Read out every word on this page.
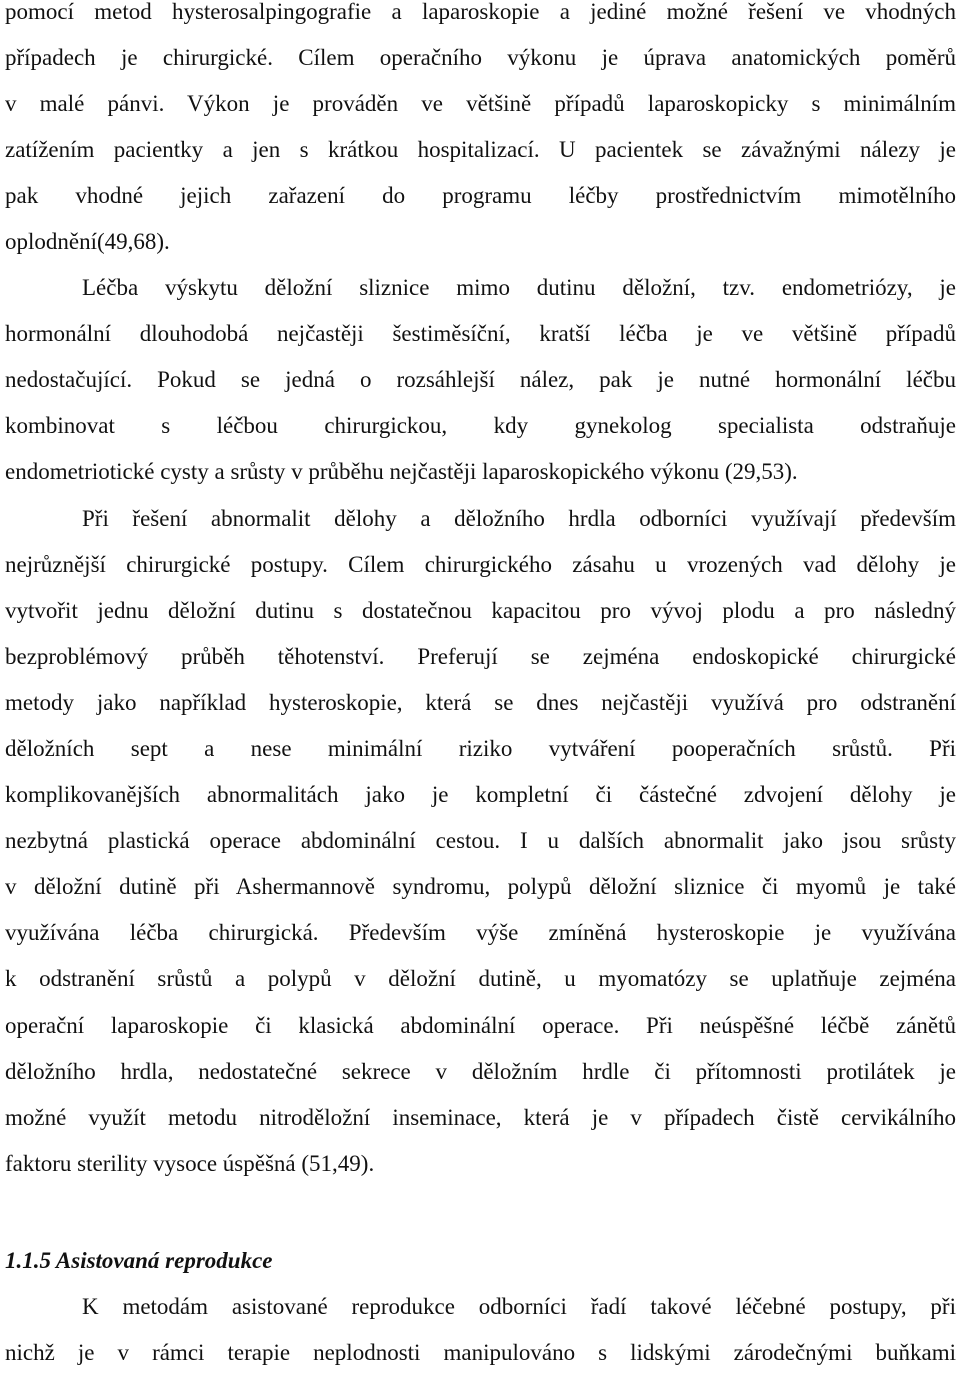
pomocí metod hysterosalpingografie a laparoskopie a jediné možné řešení ve vhodných
případech je chirurgické. Cílem operačního výkonu je úprava anatomických poměrů
v malé pánvi. Výkon je prováděn ve většině případů laparoskopicky s minimálním
zatížením pacientky a jen s krátkou hospitalizací. U pacientek se závažnými nálezy je
pak vhodné jejich zařazení do programu léčby prostřednictvím mimotělního
oplodnění(49,68).
Léčba výskytu děložní sliznice mimo dutinu děložní, tzv. endometriózy, je
hormonální dlouhodobá nejčastěji šestiměsíční, kratší léčba je ve většině případů
nedostačující. Pokud se jedná o rozsáhlejší nález, pak je nutné hormonální léčbu
kombinovat s léčbou chirurgickou, kdy gynekolog specialista odstraňuje
endometriotické cysty a srůsty v průběhu nejčastěji laparoskopického výkonu (29,53).
Při řešení abnormalit dělohy a děložního hrdla odborníci využívají především
nejrůznější chirurgické postupy. Cílem chirurgického zásahu u vrozených vad dělohy je
vytvořit jednu děložní dutinu s dostatečnou kapacitou pro vývoj plodu a pro následný
bezproblémový průběh těhotenství. Preferují se zejména endoskopické chirurgické
metody jako například hysteroskopie, která se dnes nejčastěji využívá pro odstranění
děložních sept a nese minimální riziko vytváření pooperačních srůstů. Při
komplikovanějších abnormalitách jako je kompletní či částečné zdvojení dělohy je
nezbytná plastická operace abdominální cestou. I u dalších abnormalit jako jsou srůsty
v děložní dutině při Ashermannově syndromu, polypů děložní sliznice či myomů je také
využívána léčba chirurgická. Především výše zmíněná hysteroskopie je využívána
k odstranění srůstů a polypů v děložní dutině, u myomatózy se uplatňuje zejména
operační laparoskopie či klasická abdominální operace. Při neúspěšné léčbě zánětů
děložního hrdla, nedostatečné sekrece v děložním hrdle či přítomnosti protilátek je
možné využít metodu nitroděložní inseminace, která je v případech čistě cervikálního
faktoru sterility vysoce úspěšná (51,49).
1.1.5 Asistovaná reprodukce
K metodám asistované reprodukce odborníci řadí takové léčebné postupy, při
nichž je v rámci terapie neplodnosti manipulováno s lidskými zárodečnými buňkami
